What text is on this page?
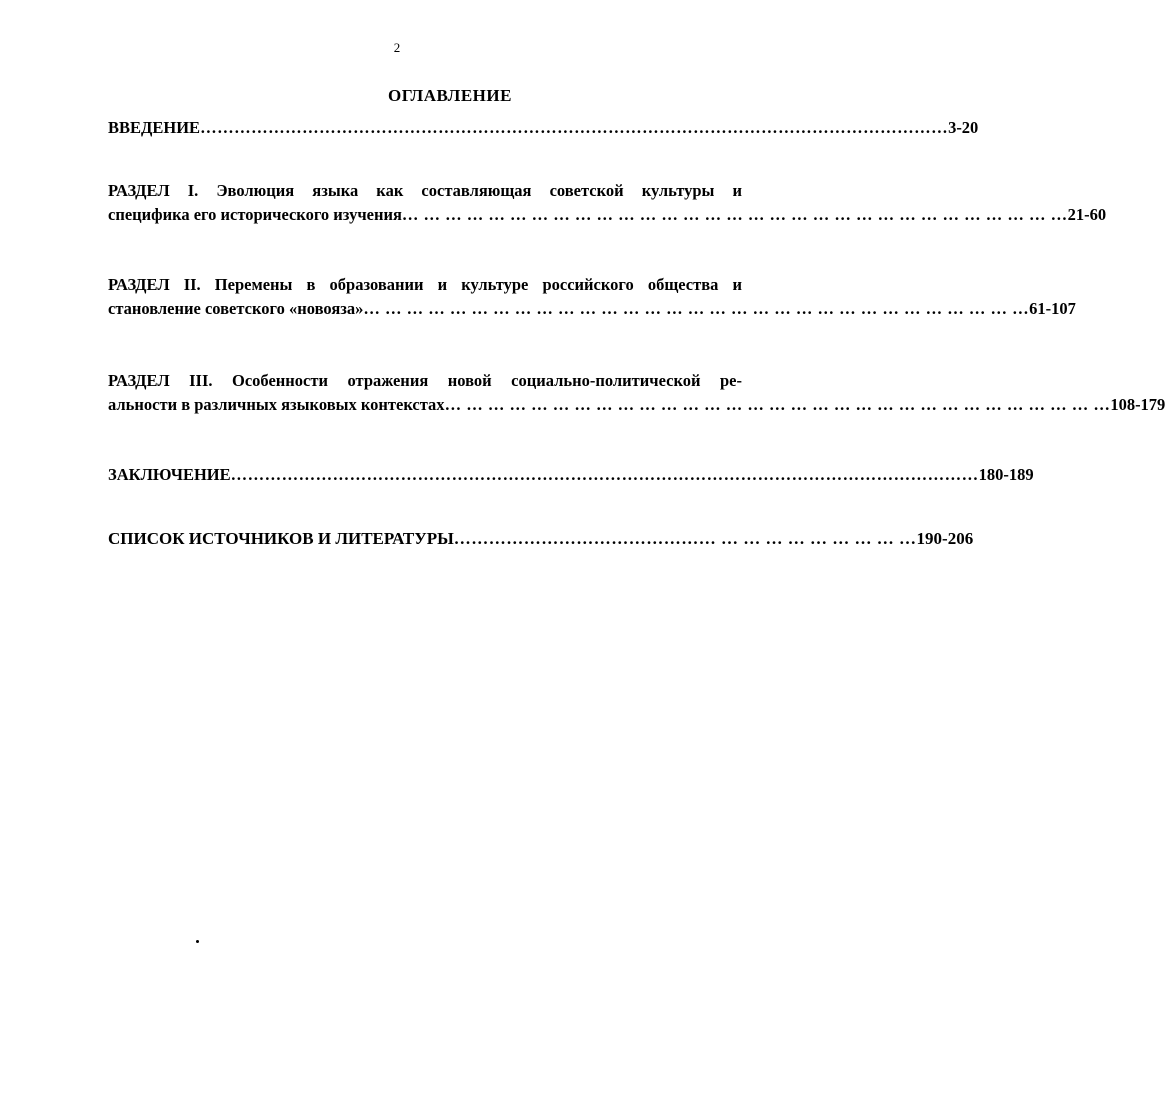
2
ОГЛАВЛЕНИЕ
ВВЕДЕНИЕ …………………………………………………………………………………………………………………… 3-20
РАЗДЕЛ I. Эволюция языка как составляющая советской культуры и
специфика его исторического изучения … … … … … … … … … … … … … … … … … … … … … … … … … … … … … … … 21-60
РАЗДЕЛ II. Перемены в образовании и культуре российского общества и
становление советского «новояза» … … … … … … … … … … … … … … … … … … … … … … … … … … … … … … … 61-107
РАЗДЕЛ III. Особенности отражения новой социально-политической ре-
альности в различных языковых контекстах … … … … … … … … … … … … … … … … … … … … … … … … … … … … … … … 108-179
ЗАКЛЮЧЕНИЕ …………………………………………………………………………………………………………………… 180-189
СПИСОК ИСТОЧНИКОВ И ЛИТЕРАТУРЫ ……………………………………… … … … … … … … … … 190-206
